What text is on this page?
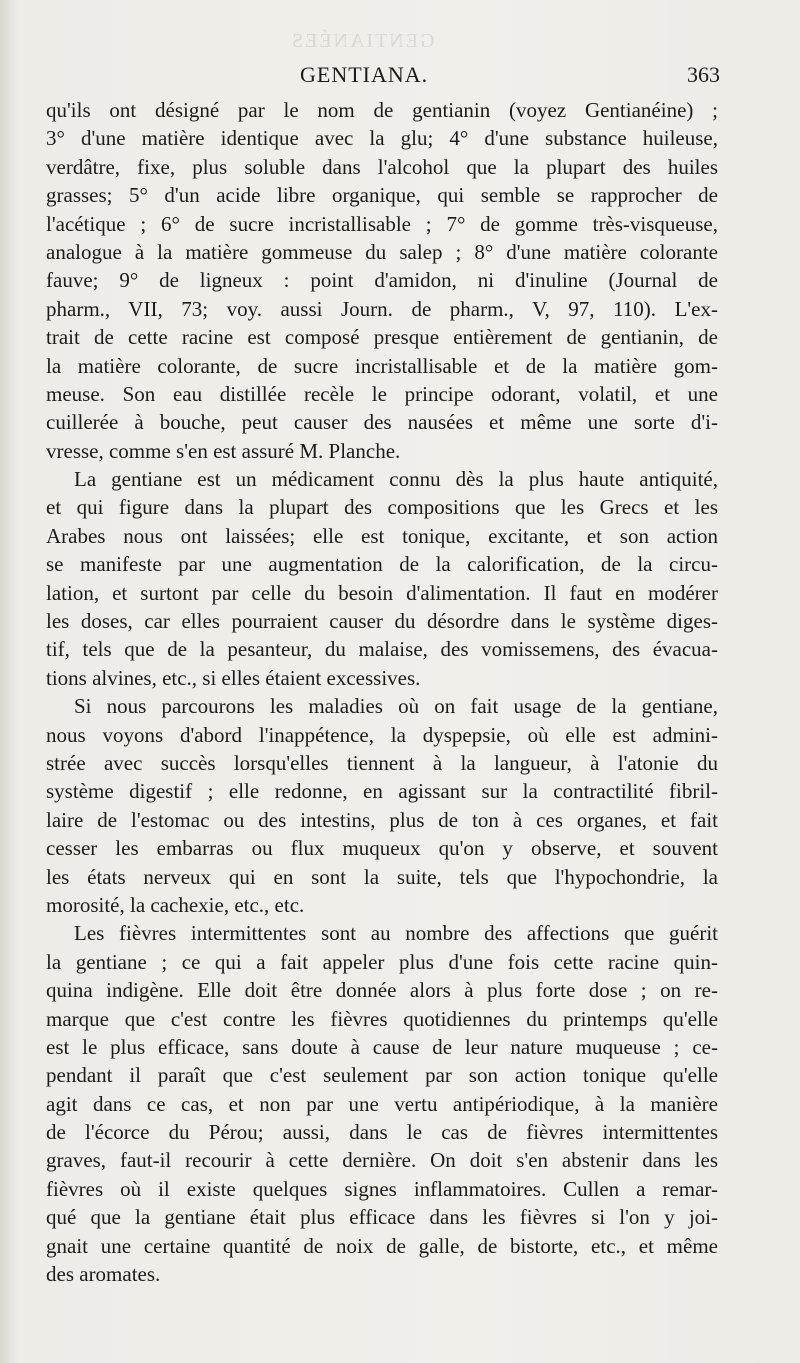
GENTIANÉES
GENTIANA.	363
qu'ils ont désigné par le nom de gentianin (voyez Gentianéine) ;
3° d'une matière identique avec la glu; 4° d'une substance huileuse,
verdâtre, fixe, plus soluble dans l'alcohol que la plupart des huiles
grasses; 5° d'un acide libre organique, qui semble se rapprocher de
l'acétique ; 6° de sucre incristallisable ; 7° de gomme très-visqueuse,
analogue à la matière gommeuse du salep ; 8° d'une matière colorante
fauve; 9° de ligneux : point d'amidon, ni d'inuline (Journal de
pharm., VII, 73; voy. aussi Journ. de pharm., V, 97, 110). L'ex-
trait de cette racine est composé presque entièrement de gentianin, de
la matière colorante, de sucre incristallisable et de la matière gom-
meuse. Son eau distillée recèle le principe odorant, volatil, et une
cuillerée à bouche, peut causer des nausées et même une sorte d'i-
vresse, comme s'en est assuré M. Planche.
La gentiane est un médicament connu dès la plus haute antiquité,
et qui figure dans la plupart des compositions que les Grecs et les
Arabes nous ont laissées; elle est tonique, excitante, et son action
se manifeste par une augmentation de la calorification, de la circu-
lation, et surtont par celle du besoin d'alimentation. Il faut en modérer
les doses, car elles pourraient causer du désordre dans le système diges-
tif, tels que de la pesanteur, du malaise, des vomissemens, des évacua-
tions alvines, etc., si elles étaient excessives.
Si nous parcourons les maladies où on fait usage de la gentiane,
nous voyons d'abord l'inappétence, la dyspepsie, où elle est admini-
strée avec succès lorsqu'elles tiennent à la langueur, à l'atonie du
système digestif ; elle redonne, en agissant sur la contractilité fibril-
laire de l'estomac ou des intestins, plus de ton à ces organes, et fait
cesser les embarras ou flux muqueux qu'on y observe, et souvent
les états nerveux qui en sont la suite, tels que l'hypochondrie, la
morosité, la cachexie, etc., etc.
Les fièvres intermittentes sont au nombre des affections que guérit
la gentiane ; ce qui a fait appeler plus d'une fois cette racine quin-
quina indigène. Elle doit être donnée alors à plus forte dose ; on re-
marque que c'est contre les fièvres quotidiennes du printemps qu'elle
est le plus efficace, sans doute à cause de leur nature muqueuse ; ce-
pendant il paraît que c'est seulement par son action tonique qu'elle
agit dans ce cas, et non par une vertu antipériodique, à la manière
de l'écorce du Pérou; aussi, dans le cas de fièvres intermittentes
graves, faut-il recourir à cette dernière. On doit s'en abstenir dans les
fièvres où il existe quelques signes inflammatoires. Cullen a remar-
qué que la gentiane était plus efficace dans les fièvres si l'on y joi-
gnait une certaine quantité de noix de galle, de bistorte, etc., et même
des aromates.
